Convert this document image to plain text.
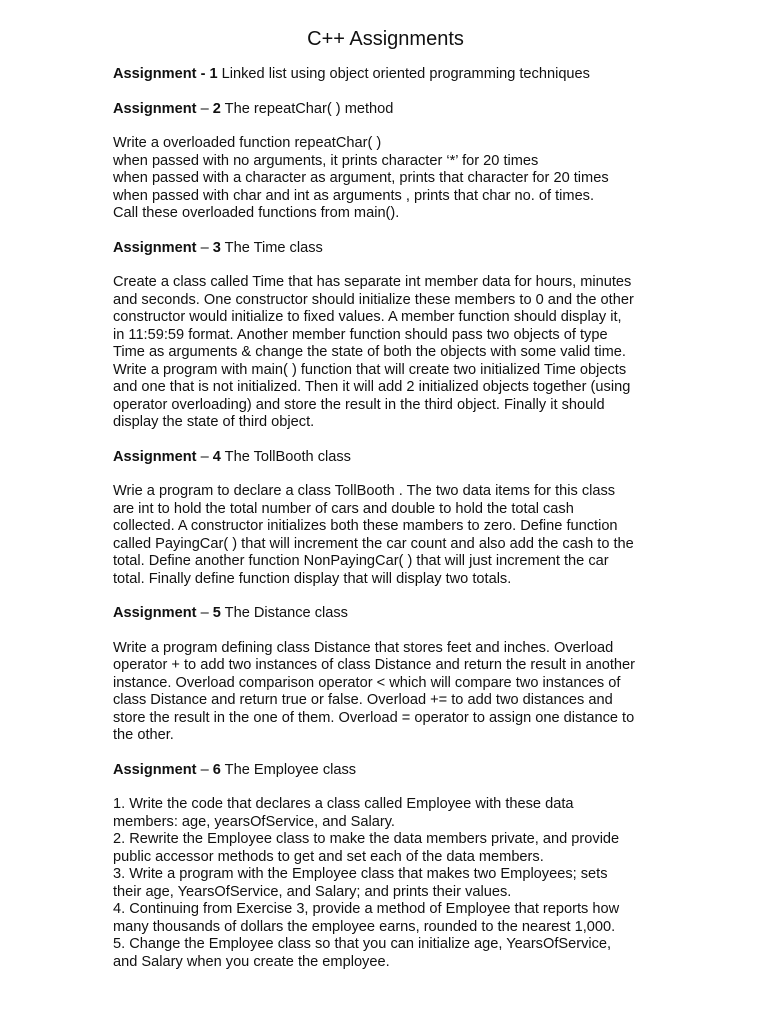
C++ Assignments
Assignment - 1 Linked list using object oriented programming techniques
Assignment – 2 The repeatChar( ) method
Write a overloaded function repeatChar( )
when passed with no arguments, it prints character ‘*’ for 20 times
when passed with a character as argument, prints that character for 20 times
when passed with char and int as arguments , prints that char no. of times.
Call these overloaded functions from main().
Assignment – 3 The Time class
Create a class called Time that has separate int member data for hours, minutes
and seconds. One constructor should initialize these members to 0 and the other
constructor would initialize to fixed values. A member function should display it,
in 11:59:59 format. Another member function should pass two objects of type
Time as arguments & change the state of both the objects with some valid time.
Write a program with main( ) function that will create two initialized Time objects
and one that is not initialized. Then it will add 2 initialized objects together (using
operator overloading) and store the result in the third object. Finally it should
display the state of third object.
Assignment – 4 The TollBooth class
Wrie a program to declare a class TollBooth . The two data items for this class
are int to hold the total number of cars and double to hold the total cash
collected. A constructor initializes both these mambers to zero. Define function
called PayingCar( ) that will increment the car count and also add the cash to the
total. Define another function NonPayingCar( ) that will just increment the car
total. Finally define function display that will display two totals.
Assignment – 5 The Distance class
Write a program defining class Distance that stores feet and inches. Overload
operator + to add two instances of class Distance and return the result in another
instance. Overload comparison operator < which will compare two instances of
class Distance and return true or false. Overload += to add two distances and
store the result in the one of them. Overload = operator to assign one distance to
the other.
Assignment – 6 The Employee class
1. Write the code that declares a class called Employee with these data
members: age, yearsOfService, and Salary.
2. Rewrite the Employee class to make the data members private, and provide
public accessor methods to get and set each of the data members.
3. Write a program with the Employee class that makes two Employees; sets
their age, YearsOfService, and Salary; and prints their values.
4. Continuing from Exercise 3, provide a method of Employee that reports how
many thousands of dollars the employee earns, rounded to the nearest 1,000.
5. Change the Employee class so that you can initialize age, YearsOfService,
and Salary when you create the employee.
